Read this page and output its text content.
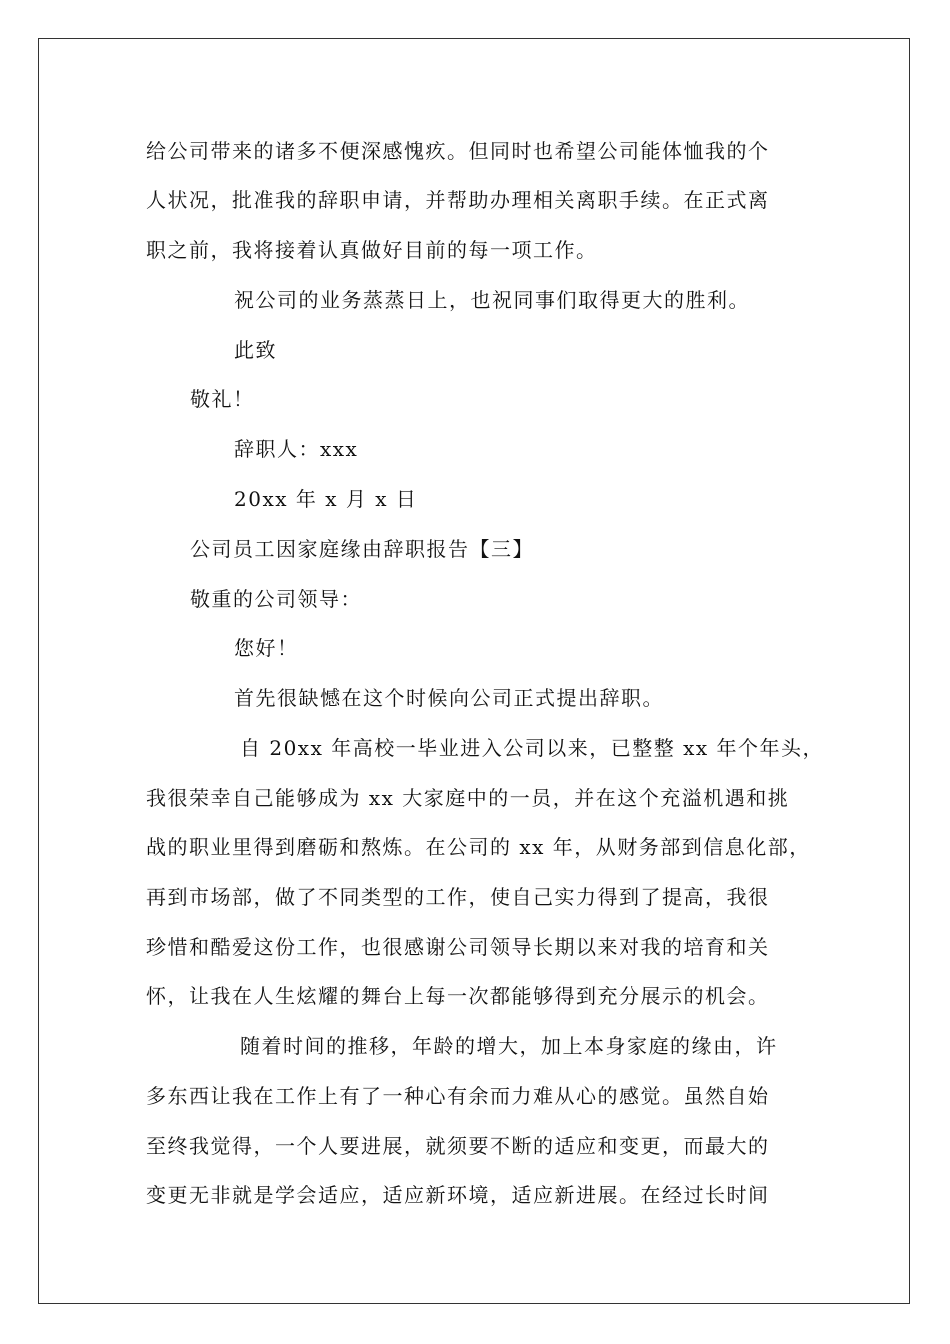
给公司带来的诸多不便深感愧疚。但同时也希望公司能体恤我的个
人状况，批准我的辞职申请，并帮助办理相关离职手续。在正式离
职之前，我将接着认真做好目前的每一项工作。
祝公司的业务蒸蒸日上，也祝同事们取得更大的胜利。
此致
敬礼！
辞职人：xxx
20xx 年 x 月 x 日
公司员工因家庭缘由辞职报告【三】
敬重的公司领导：
您好！
首先很缺憾在这个时候向公司正式提出辞职。
自 20xx 年高校一毕业进入公司以来，已整整 xx 年个年头，
我很荣幸自己能够成为 xx 大家庭中的一员，并在这个充溢机遇和挑
战的职业里得到磨砺和熬炼。在公司的 xx 年，从财务部到信息化部，
再到市场部，做了不同类型的工作，使自己实力得到了提高，我很
珍惜和酷爱这份工作，也很感谢公司领导长期以来对我的培育和关
怀，让我在人生炫耀的舞台上每一次都能够得到充分展示的机会。
随着时间的推移，年龄的增大，加上本身家庭的缘由，许
多东西让我在工作上有了一种心有余而力难从心的感觉。虽然自始
至终我觉得，一个人要进展，就须要不断的适应和变更，而最大的
变更无非就是学会适应，适应新环境，适应新进展。在经过长时间
